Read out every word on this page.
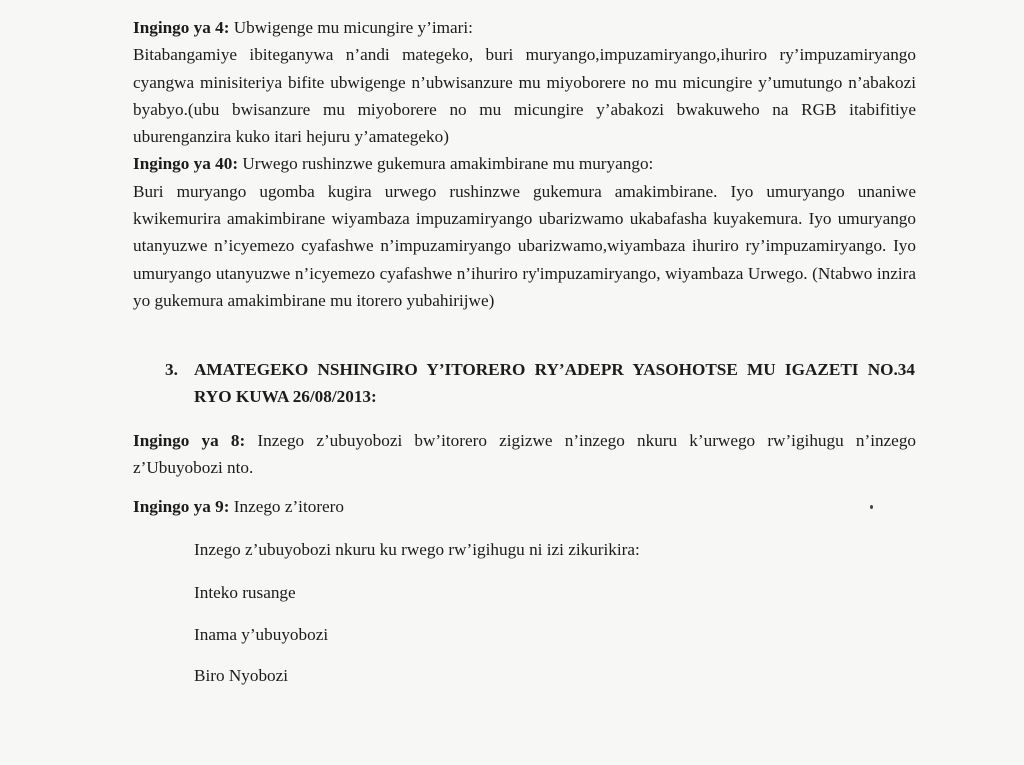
Ingingo ya 4: Ubwigenge mu micungire y’imari:

Bitabangamiye ibiteganywa n’andi mategeko, buri muryango,impuzamiryango,ihuriro ry’impuzamiryango cyangwa minisiteriya bifite ubwigenge n’ubwisanzure mu miyoborere no mu micungire y’umutungo n’abakozi byabyo.(ubu bwisanzure mu miyoborere no mu micungire y’abakozi bwakuweho na RGB itabifitiye uburenganzira kuko itari hejuru y’amategeko)

Ingingo ya 40: Urwego rushinzwe gukemura amakimbirane mu muryango:

Buri muryango ugomba kugira urwego rushinzwe gukemura amakimbirane. Iyo umuryango unaniwe kwikemurira amakimbirane wiyambaza impuzamiryango ubarizwamo ukabafasha kuyakemura. Iyo umuryango utanyuzwe n’icyemezo cyafashwe n’impuzamiryango ubarizwamo,wiyambaza ihuriro ry’impuzamiryango. Iyo umuryango utanyuzwe n’icyemezo cyafashwe n’ihuriro ry'impuzamiryango, wiyambaza Urwego. (Ntabwo inzira yo gukemura amakimbirane mu itorero yubahirijwe)

3. AMATEGEKO NSHINGIRO Y’ITORERO RY’ADEPR YASOHOTSE MU IGAZETI NO.34 RYO KUWA 26/08/2013:

Ingingo ya 8: Inzego z’ubuyobozi bw’itorero zigizwe n’inzego nkuru k’urwego rw’igihugu n’inzego z’Ubuyobozi nto.

Ingingo ya 9: Inzego z’itorero

Inzego z’ubuyobozi nkuru ku rwego rw’igihugu ni izi zikurikira:

Inteko rusange

Inama y’ubuyobozi

Biro Nyobozi
